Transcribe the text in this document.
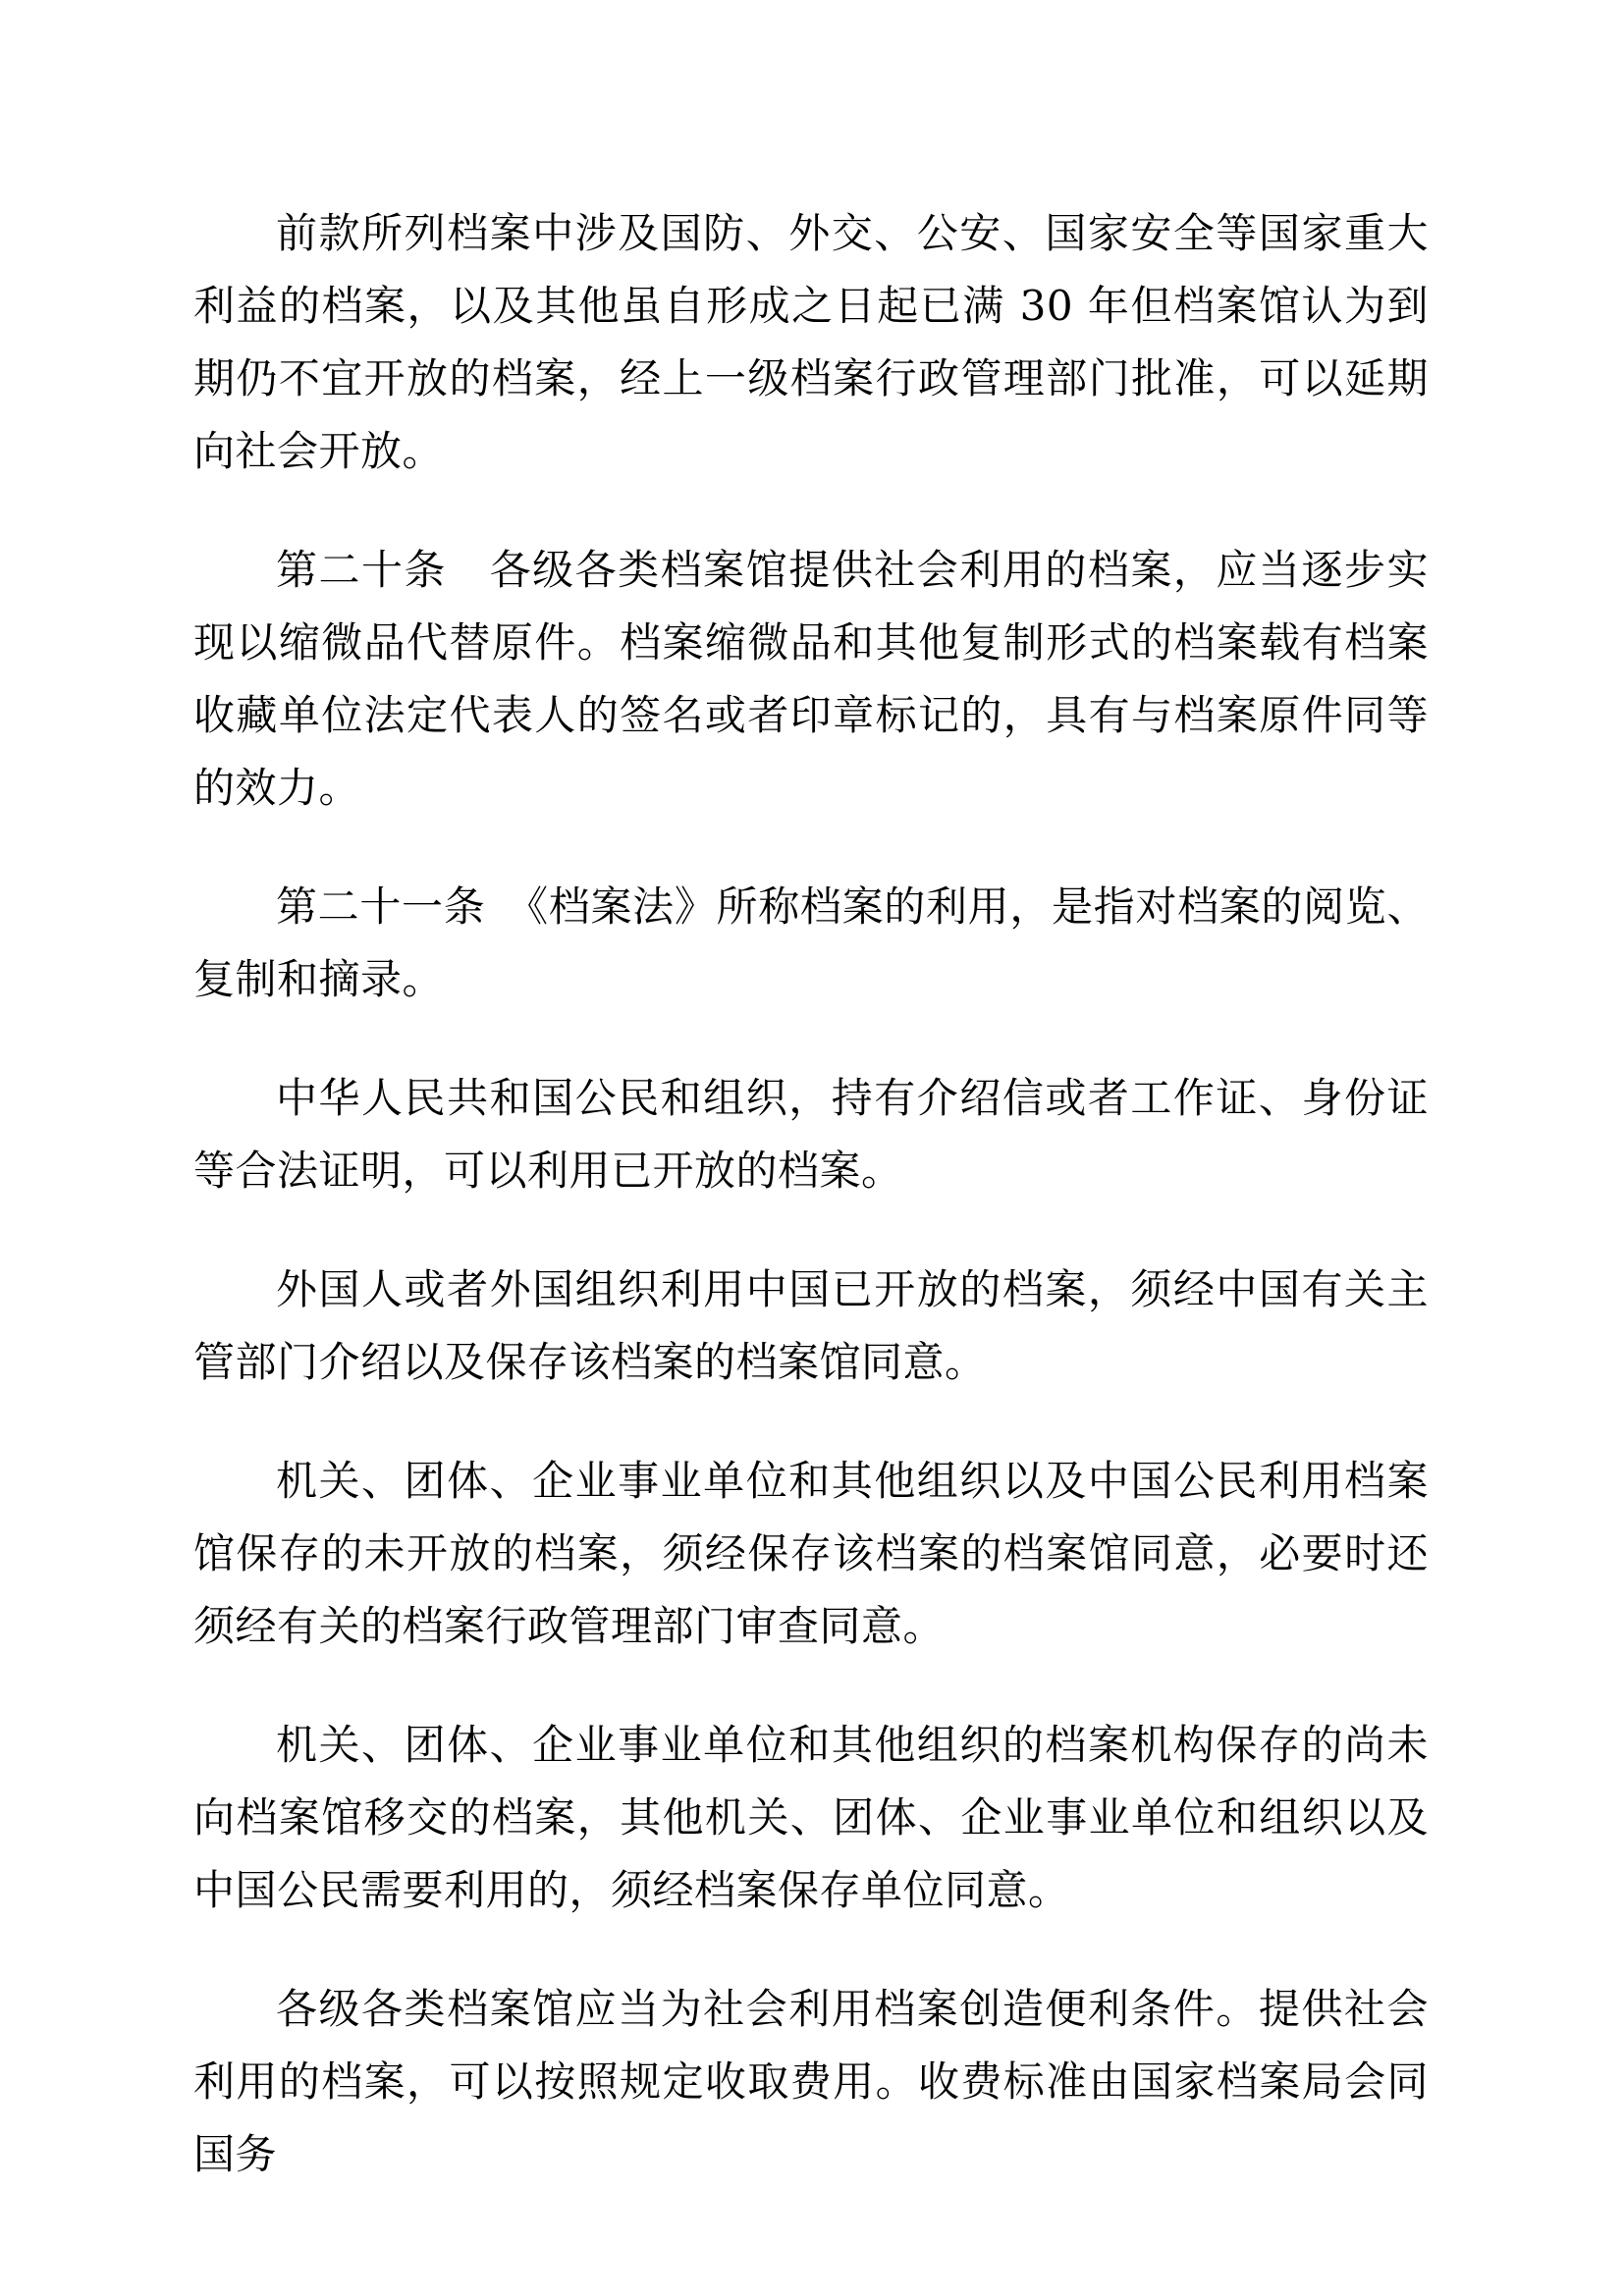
前款所列档案中涉及国防、外交、公安、国家安全等国家重大利益的档案，以及其他虽自形成之日起已满 30 年但档案馆认为到期仍不宜开放的档案，经上一级档案行政管理部门批准，可以延期向社会开放。

第二十条　各级各类档案馆提供社会利用的档案，应当逐步实现以缩微品代替原件。档案缩微品和其他复制形式的档案载有档案收藏单位法定代表人的签名或者印章标记的，具有与档案原件同等的效力。

第二十一条　《档案法》所称档案的利用，是指对档案的阅览、复制和摘录。

中华人民共和国公民和组织，持有介绍信或者工作证、身份证等合法证明，可以利用已开放的档案。

外国人或者外国组织利用中国已开放的档案，须经中国有关主管部门介绍以及保存该档案的档案馆同意。

机关、团体、企业事业单位和其他组织以及中国公民利用档案馆保存的未开放的档案，须经保存该档案的档案馆同意，必要时还须经有关的档案行政管理部门审查同意。

机关、团体、企业事业单位和其他组织的档案机构保存的尚未向档案馆移交的档案，其他机关、团体、企业事业单位和组织以及中国公民需要利用的，须经档案保存单位同意。

各级各类档案馆应当为社会利用档案创造便利条件。提供社会利用的档案，可以按照规定收取费用。收费标准由国家档案局会同国务
